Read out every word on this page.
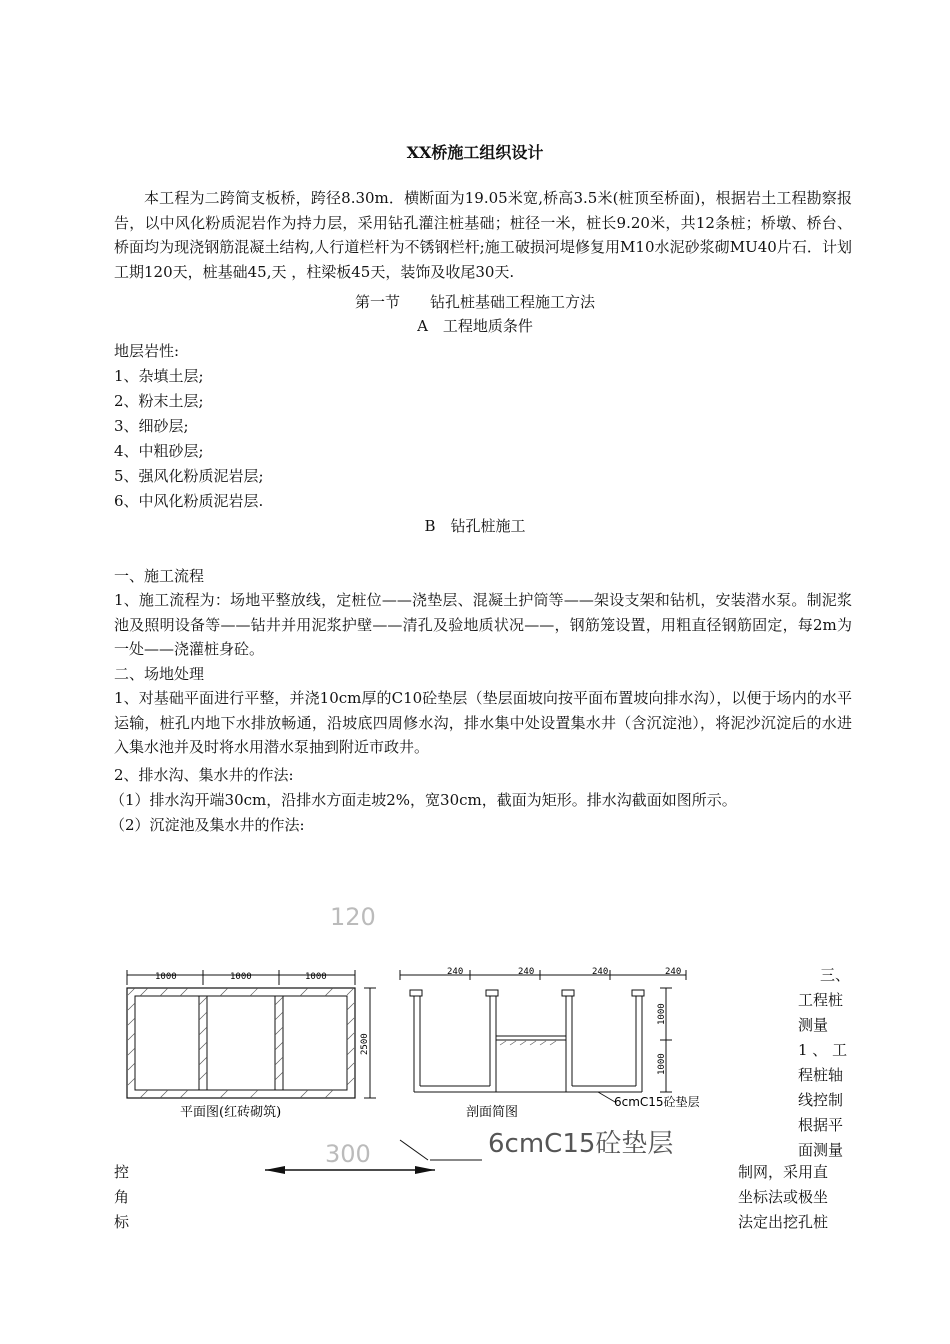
XX桥施工组织设计
本工程为二跨简支板桥，跨径8.30m．横断面为19.05米宽,桥高3.5米(桩顶至桥面)，根据岩土工程勘察报告，以中风化粉质泥岩作为持力层，采用钻孔灌注桩基础；桩径一米，桩长9.20米，共12条桩；桥墩、桥台、桥面均为现浇钢筋混凝土结构,人行道栏杆为不锈钢栏杆;施工破损河堤修复用M10水泥砂浆砌MU40片石．计划工期120天，桩基础45,天 ，柱梁板45天，装饰及收尾30天.
第一节　　钻孔桩基础工程施工方法
A　工程地质条件
地层岩性:
1、杂填土层;
2、粉末土层;
3、细砂层;
4、中粗砂层;
5、强风化粉质泥岩层;
6、中风化粉质泥岩层.
B　钻孔桩施工
一、施工流程
1、施工流程为：场地平整放线，定桩位——浇垫层、混凝土护筒等——架设支架和钻机，安装潜水泵。制泥浆池及照明设备等——钻井并用泥浆护壁——清孔及验地质状况——，钢筋笼设置，用粗直径钢筋固定，每2m为一处——浇灌桩身砼。
二、场地处理
1、对基础平面进行平整，并浇10cm厚的C10砼垫层（垫层面坡向按平面布置坡向排水沟），以便于场内的水平运输，桩孔内地下水排放畅通，沿坡底四周修水沟，排水集中处设置集水井（含沉淀池），将泥沙沉淀后的水进入集水池并及时将水用潜水泵抽到附近市政井。
2、排水沟、集水井的作法:
（1）排水沟开端30cm，沿排水方面走坡2%，宽30cm，截面为矩形。排水沟截面如图所示。
（2）沉淀池及集水井的作法:
120
300	6cmC15砼垫层
1000	1000	1000
2500
平面图(红砖砌筑)
240	240	240	240
1000
1000
6cmC15砼垫层
剖面简图
三、
工程桩
测量
1 、 工
程桩轴
线控制
根据平
面测量
控
角
标
制网，采用直
坐标法或极坐
法定出挖孔桩
